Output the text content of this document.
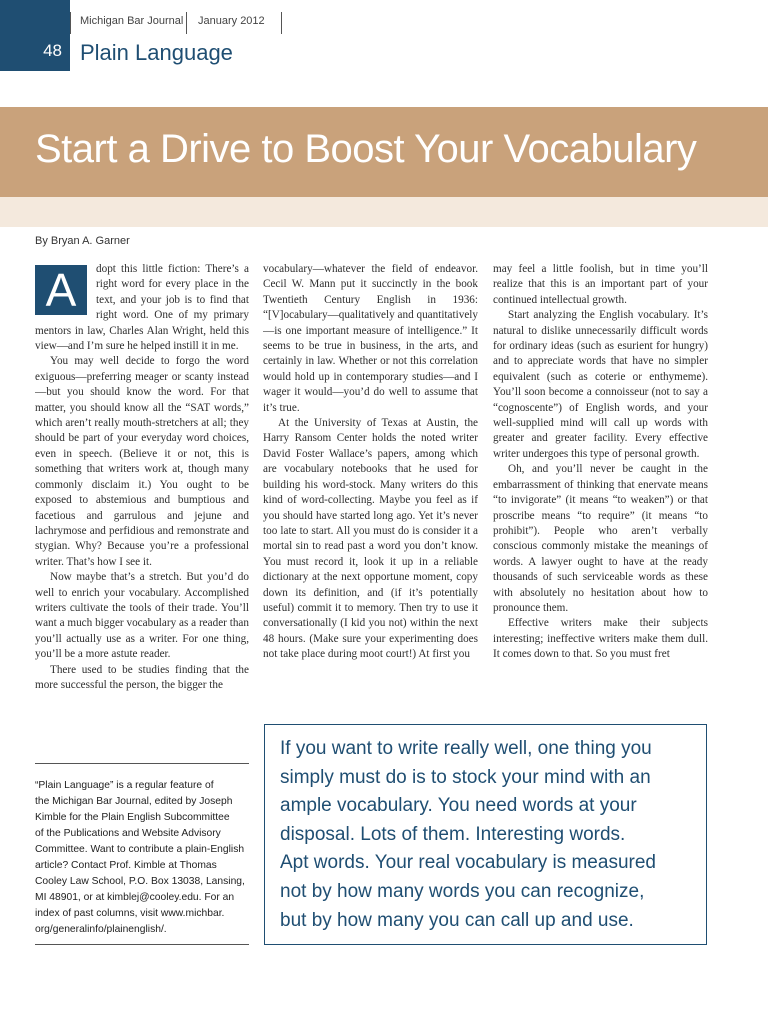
48
Michigan Bar Journal January 2012
Plain Language
Start a Drive to Boost Your Vocabulary
By Bryan A. Garner
A	dopt this little fiction: There’s a right word for every place in the text, and your job is to find that right word. One of my primary mentors in law, Charles Alan Wright, held this view—and I’m sure he helped instill it in me.

You may well decide to forgo the word exiguous—preferring meager or scanty instead—but you should know the word. For that matter, you should know all the “SAT words,” which aren’t really mouth-stretchers at all; they should be part of your everyday word choices, even in speech. (Believe it or not, this is something that writers work at, though many commonly disclaim it.) You ought to be exposed to abstemious and bumptious and facetious and garrulous and jejune and lachrymose and perfidious and remonstrate and stygian. Why? Because you’re a professional writer. That’s how I see it.

Now maybe that’s a stretch. But you’d do well to enrich your vocabulary. Accomplished writers cultivate the tools of their trade. You’ll want a much bigger vocabulary as a reader than you’ll actually use as a writer. For one thing, you’ll be a more astute reader.

There used to be studies finding that the more successful the person, the bigger the

vocabulary—whatever the field of endeavor. Cecil W. Mann put it succinctly in the book Twentieth Century English in 1936: “[V]ocabulary—qualitatively and quantitatively—is one important measure of intelligence.” It seems to be true in business, in the arts, and certainly in law. Whether or not this correlation would hold up in contemporary studies—and I wager it would—you’d do well to assume that it’s true.

At the University of Texas at Austin, the Harry Ransom Center holds the noted writer David Foster Wallace’s papers, among which are vocabulary notebooks that he used for building his word-stock. Many writers do this kind of word-collecting. Maybe you feel as if you should have started long ago. Yet it’s never too late to start. All you must do is consider it a mortal sin to read past a word you don’t know. You must record it, look it up in a reliable dictionary at the next opportune moment, copy down its definition, and (if it’s potentially useful) commit it to memory. Then try to use it conversationally (I kid you not) within the next 48 hours. (Make sure your experimenting does not take place during moot court!) At first you

may feel a little foolish, but in time you’ll realize that this is an important part of your continued intellectual growth.

Start analyzing the English vocabulary. It’s natural to dislike unnecessarily difficult words for ordinary ideas (such as esurient for hungry) and to appreciate words that have no simpler equivalent (such as coterie or enthymeme). You’ll soon become a connoisseur (not to say a “cognoscente”) of English words, and your well-supplied mind will call up words with greater and greater facility. Every effective writer undergoes this type of personal growth.

Oh, and you’ll never be caught in the embarrassment of thinking that enervate means “to invigorate” (it means “to weaken”) or that proscribe means “to require” (it means “to prohibit”). People who aren’t verbally conscious commonly mistake the meanings of words. A lawyer ought to have at the ready thousands of such serviceable words as these with absolutely no hesitation about how to pronounce them.

Effective writers make their subjects interesting; ineffective writers make them dull. It comes down to that. So you must fret

“Plain Language” is a regular feature of
the Michigan Bar Journal, edited by Joseph
Kimble for the Plain English Subcommittee
of the Publications and Website Advisory
Committee. Want to contribute a plain-English
article? Contact Prof. Kimble at Thomas
Cooley Law School, P.O. Box 13038, Lansing,
MI 48901, or at kimblej@cooley.edu. For an
index of past columns, visit www.michbar.
org/generalinfo/plainenglish/.
If you want to write really well, one thing you
simply must do is to stock your mind with an
ample vocabulary. You need words at your
disposal. Lots of them. Interesting words.
Apt words. Your real vocabulary is measured
not by how many words you can recognize,
but by how many you can call up and use.
